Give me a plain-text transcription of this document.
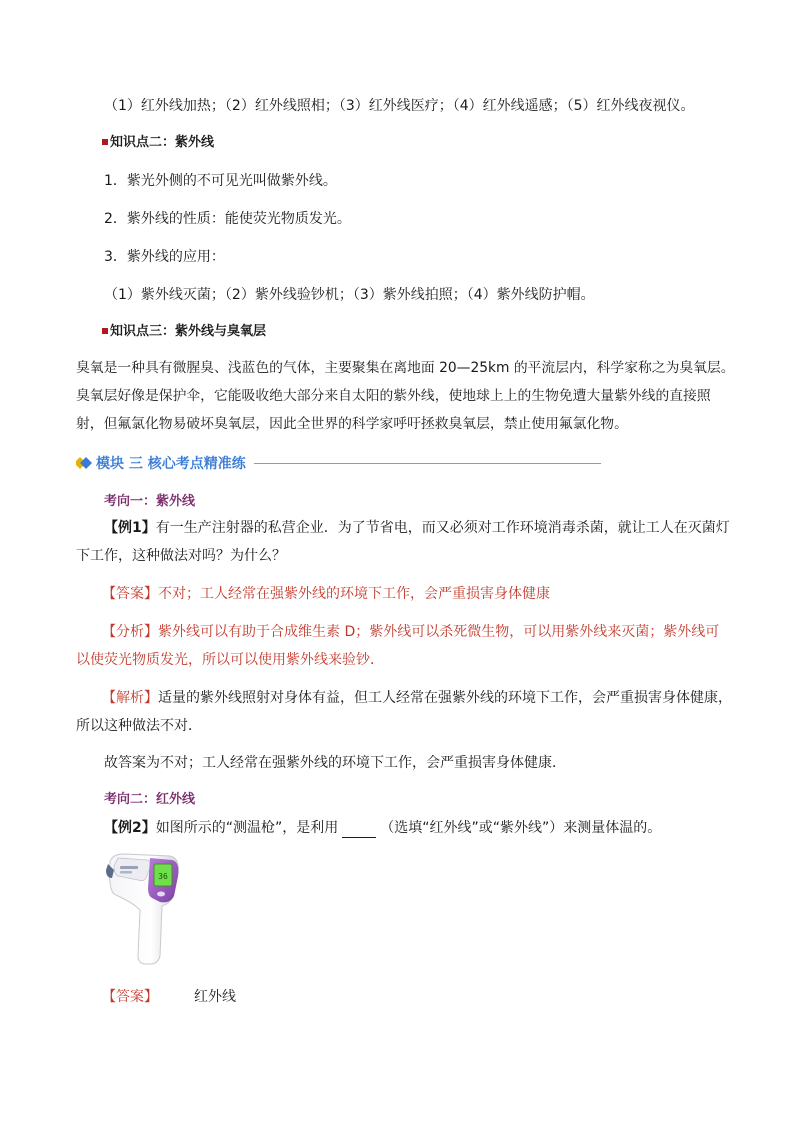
（1）红外线加热；（2）红外线照相；（3）红外线医疗；（4）红外线遥感；（5）红外线夜视仪。
知识点二：紫外线
1．紫光外侧的不可见光叫做紫外线。
2．紫外线的性质：能使荧光物质发光。
3．紫外线的应用：
（1）紫外线灭菌；（2）紫外线验钞机；（3）紫外线拍照；（4）紫外线防护帽。
知识点三：紫外线与臭氧层
臭氧是一种具有微腥臭、浅蓝色的气体，主要聚集在离地面 20—25km 的平流层内，科学家称之为臭氧层。
臭氧层好像是保护伞，它能吸收绝大部分来自太阳的紫外线，使地球上上的生物免遭大量紫外线的直接照
射，但氟氯化物易破坏臭氧层，因此全世界的科学家呼吁拯救臭氧层，禁止使用氟氯化物。
模块 三 核心考点精准练
考向一：紫外线
【例1】有一生产注射器的私营企业．为了节省电，而又必须对工作环境消毒杀菌，就让工人在灭菌灯
下工作，这种做法对吗？为什么？
【答案】不对；工人经常在强紫外线的环境下工作，会严重损害身体健康
【分析】紫外线可以有助于合成维生素 D；紫外线可以杀死微生物，可以用紫外线来灭菌；紫外线可
以使荧光物质发光，所以可以使用紫外线来验钞．
【解析】适量的紫外线照射对身体有益，但工人经常在强紫外线的环境下工作，会严重损害身体健康，
所以这种做法不对．
故答案为不对；工人经常在强紫外线的环境下工作，会严重损害身体健康．
考向二：红外线
【例2】如图所示的“测温枪”，是利用	（选填“红外线”或“紫外线”）来测量体温的。
36
【答案】	红外线
